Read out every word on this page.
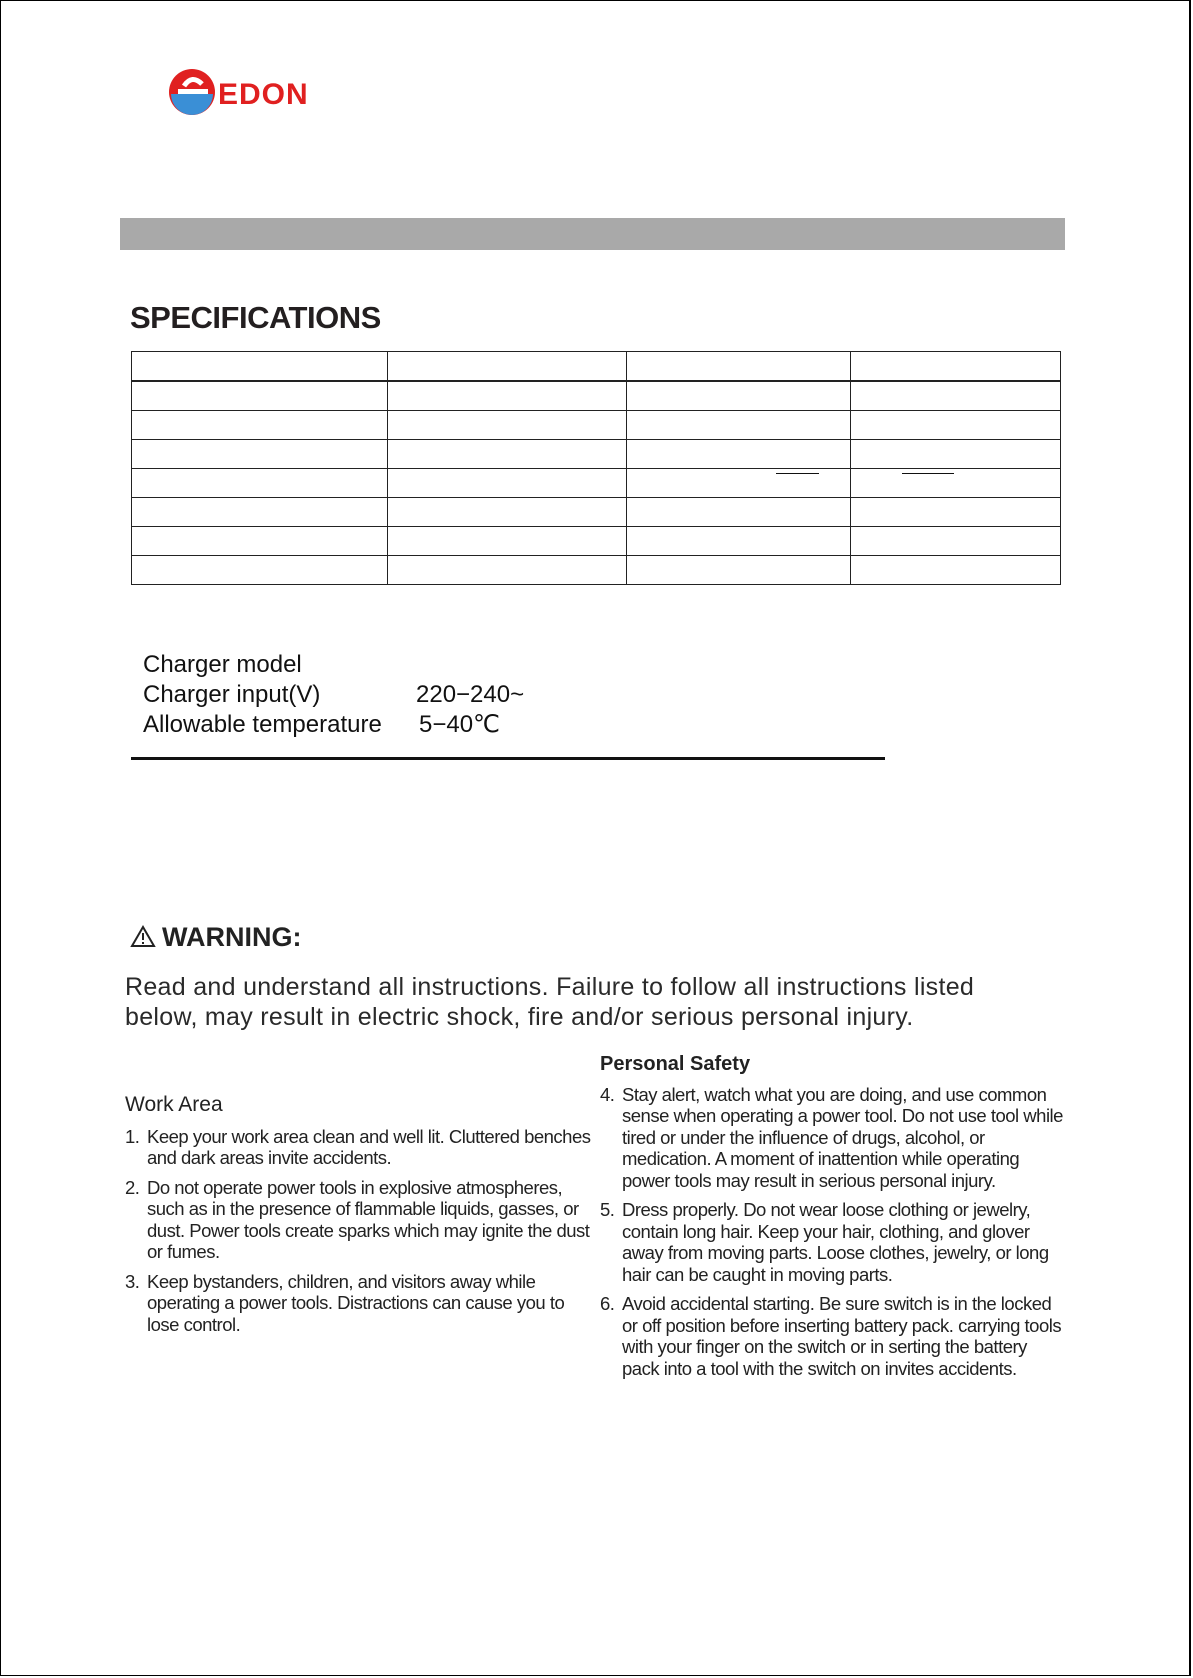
EDON
SPECIFICATIONS

Charger model
Charger input(V)	220−240~
Allowable temperature 5−40℃
WARNING:
Read and understand all instructions. Failure to follow all instructions listed below, may result in electric shock, fire and/or serious personal injury.
Work Area
1. Keep your work area clean and well lit. Cluttered benches and dark areas invite accidents.
2. Do not operate power tools in explosive atmospheres, such as in the presence of flammable liquids, gasses, or dust. Power tools create sparks which may ignite the dust or fumes.
3. Keep bystanders, children, and visitors away while operating a power tools. Distractions can cause you to lose control.
Personal Safety
4. Stay alert, watch what you are doing, and use common sense when operating a power tool. Do not use tool while tired or under the influence of drugs, alcohol, or medication. A moment of inattention while operating power tools may result in serious personal injury.
5. Dress properly. Do not wear loose clothing or jewelry, contain long hair. Keep your hair, clothing, and glover away from moving parts. Loose clothes, jewelry, or long hair can be caught in moving parts.
6. Avoid accidental starting. Be sure switch is in the locked or off position before inserting battery pack. carrying tools with your finger on the switch or in serting the battery pack into a tool with the switch on invites accidents.
